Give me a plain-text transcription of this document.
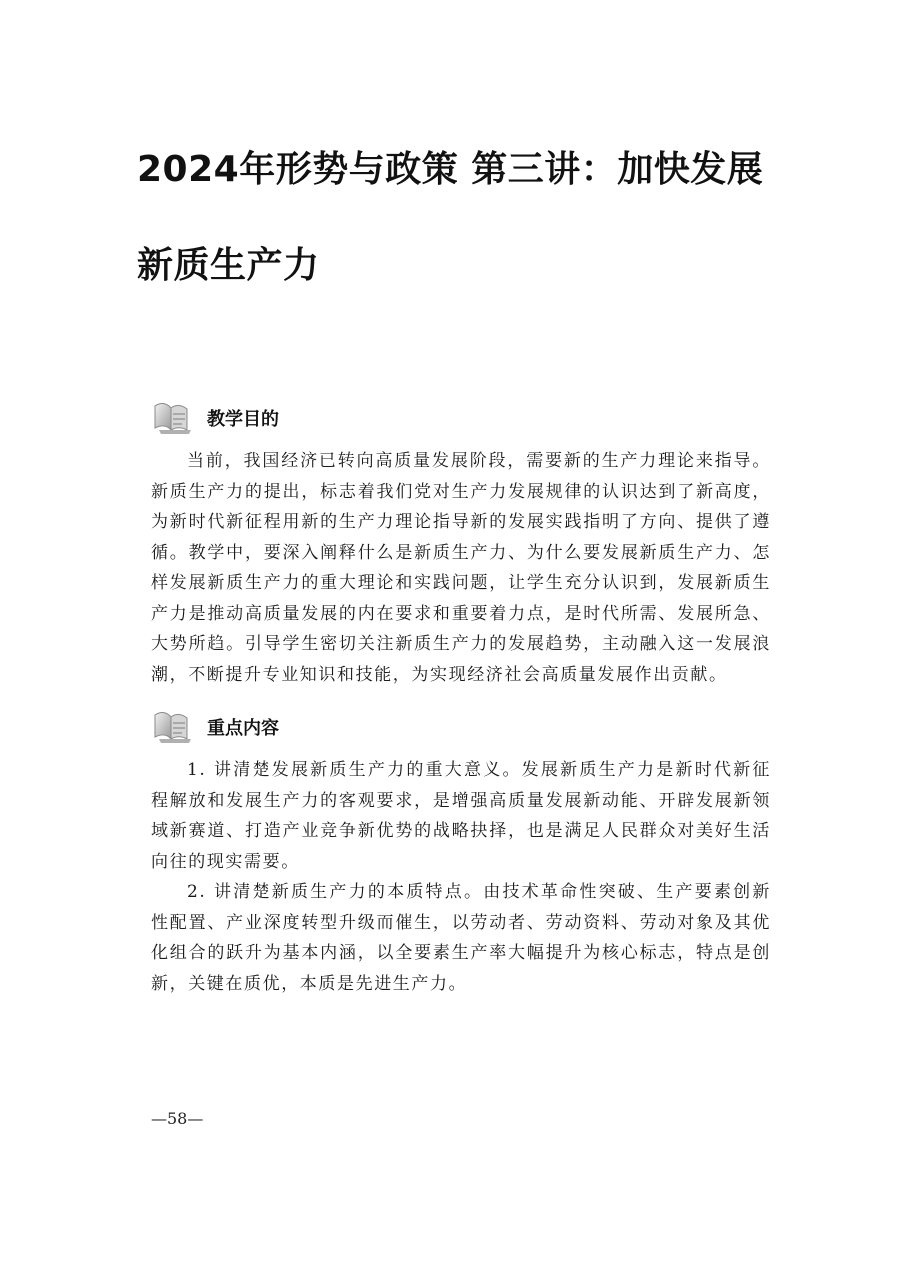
2024年形势与政策 第三讲：加快发展新质生产力
教学目的

当前，我国经济已转向高质量发展阶段，需要新的生产力理论来指导。新质生产力的提出，标志着我们党对生产力发展规律的认识达到了新高度，为新时代新征程用新的生产力理论指导新的发展实践指明了方向、提供了遵循。教学中，要深入阐释什么是新质生产力、为什么要发展新质生产力、怎样发展新质生产力的重大理论和实践问题，让学生充分认识到，发展新质生产力是推动高质量发展的内在要求和重要着力点，是时代所需、发展所急、大势所趋。引导学生密切关注新质生产力的发展趋势，主动融入这一发展浪潮，不断提升专业知识和技能，为实现经济社会高质量发展作出贡献。

重点内容

1. 讲清楚发展新质生产力的重大意义。发展新质生产力是新时代新征程解放和发展生产力的客观要求，是增强高质量发展新动能、开辟发展新领域新赛道、打造产业竞争新优势的战略抉择，也是满足人民群众对美好生活向往的现实需要。

2. 讲清楚新质生产力的本质特点。由技术革命性突破、生产要素创新性配置、产业深度转型升级而催生，以劳动者、劳动资料、劳动对象及其优化组合的跃升为基本内涵，以全要素生产率大幅提升为核心标志，特点是创新，关键在质优，本质是先进生产力。

—58—
